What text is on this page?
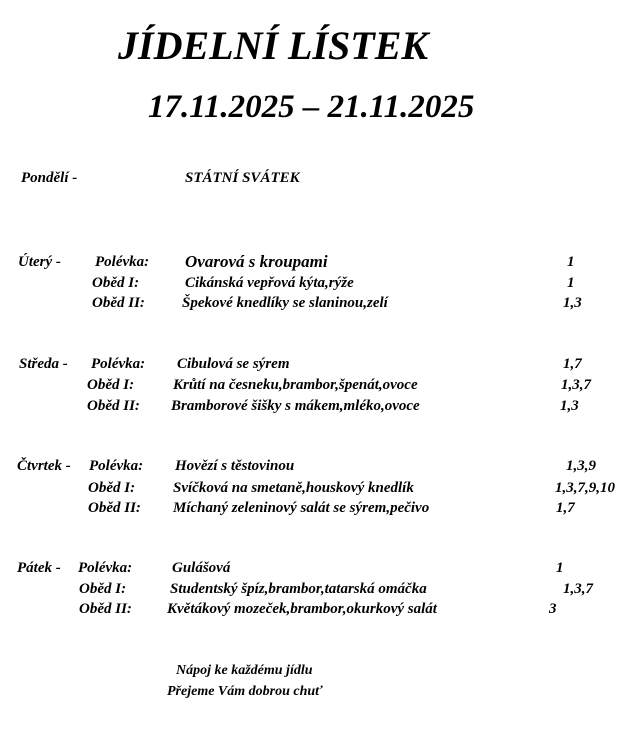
JÍDELNÍ LÍSTEK
17.11.2025 – 21.11.2025
Pondělí -	STÁTNÍ SVÁTEK
Úterý - Polévka: Ovarová s kroupami	1
Oběd I:	Cikánská vepřová kýta,rýže	1
Oběd II: Špekové knedlíky se slaninou,zelí	1,3
Středa - Polévka: Cibulová se sýrem	1,7
Oběd I:	Krůtí na česneku,brambor,špenát,ovoce	1,3,7
Oběd II: Bramborové šišky s mákem,mléko,ovoce	1,3
Čtvrtek - Polévka: Hovězí s těstovinou	1,3,9
Oběd I:	Svíčková na smetaně,houskový knedlík	1,3,7,9,10
Oběd II: Míchaný zeleninový salát se sýrem,pečivo	1,7
Pátek - Polévka:	Gulášová	1
Oběd I:	Studentský špíz,brambor,tatarská omáčka	1,3,7
Oběd II: Květákový mozeček,brambor,okurkový salát	3
Nápoj ke každému jídlu
Přejeme Vám dobrou chuť
